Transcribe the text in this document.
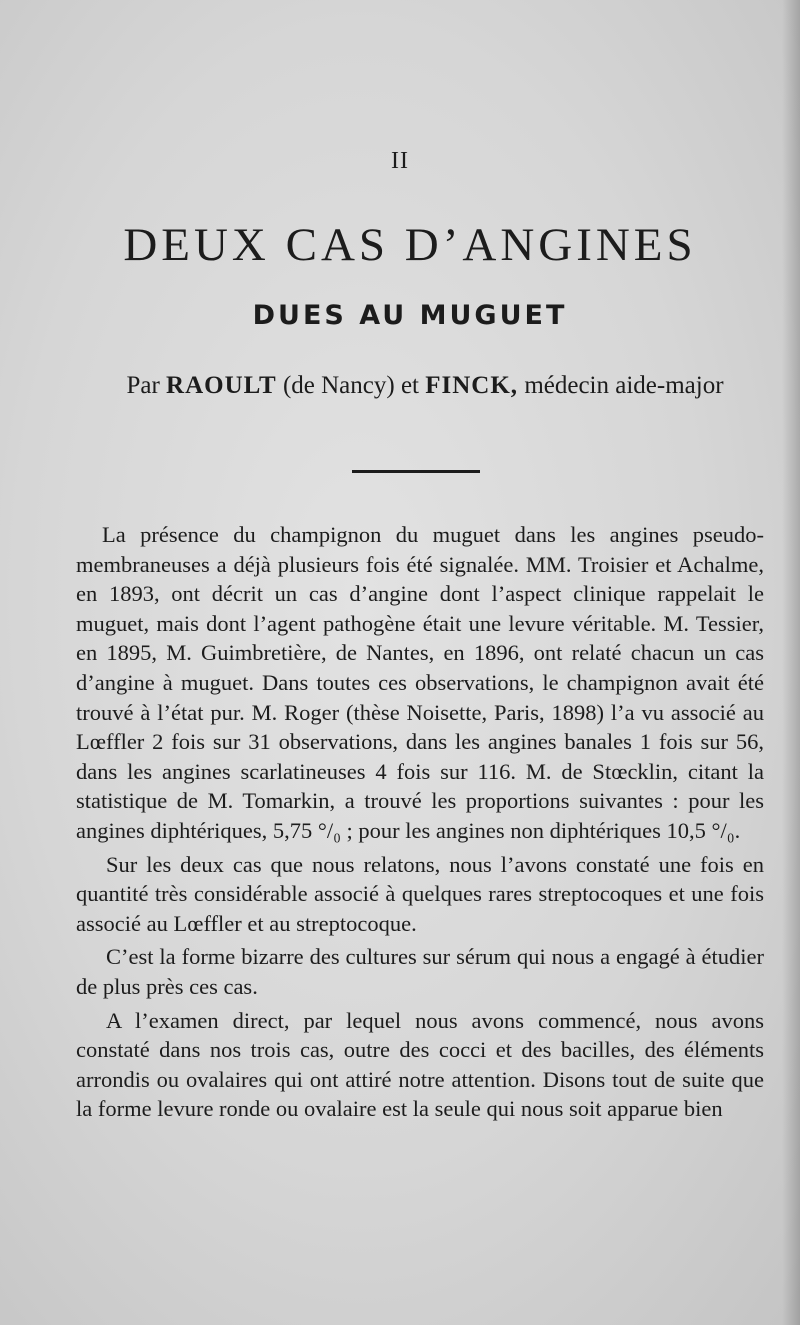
II
DEUX CAS D’ANGINES
DUES AU MUGUET
Par RAOULT (de Nancy) et FINCK, médecin aide-major

La présence du champignon du muguet dans les angines pseudo-membraneuses a déjà plusieurs fois été signalée. MM. Troisier et Achalme, en 1893, ont décrit un cas d’angine dont l’aspect clinique rappelait le muguet, mais dont l’agent pathogène était une levure véritable. M. Tessier, en 1895, M. Guimbretière, de Nantes, en 1896, ont relaté chacun un cas d’angine à muguet. Dans toutes ces observations, le champignon avait été trouvé à l’état pur. M. Roger (thèse Noisette, Paris, 1898) l’a vu associé au Lœffler 2 fois sur 31 observations, dans les angines banales 1 fois sur 56, dans les angines scarlatineuses 4 fois sur 116. M. de Stœcklin, citant la statistique de M. Tomarkin, a trouvé les proportions suivantes : pour les angines diphtériques, 5,75 °/₀ ; pour les angines non diphtériques 10,5 °/₀.

Sur les deux cas que nous relatons, nous l’avons constaté une fois en quantité très considérable associé à quelques rares streptocoques et une fois associé au Lœffler et au streptocoque.

C’est la forme bizarre des cultures sur sérum qui nous a engagé à étudier de plus près ces cas.

A l’examen direct, par lequel nous avons commencé, nous avons constaté dans nos trois cas, outre des cocci et des bacilles, des éléments arrondis ou ovalaires qui ont attiré notre attention. Disons tout de suite que la forme levure ronde ou ovalaire est la seule qui nous soit apparue bien
